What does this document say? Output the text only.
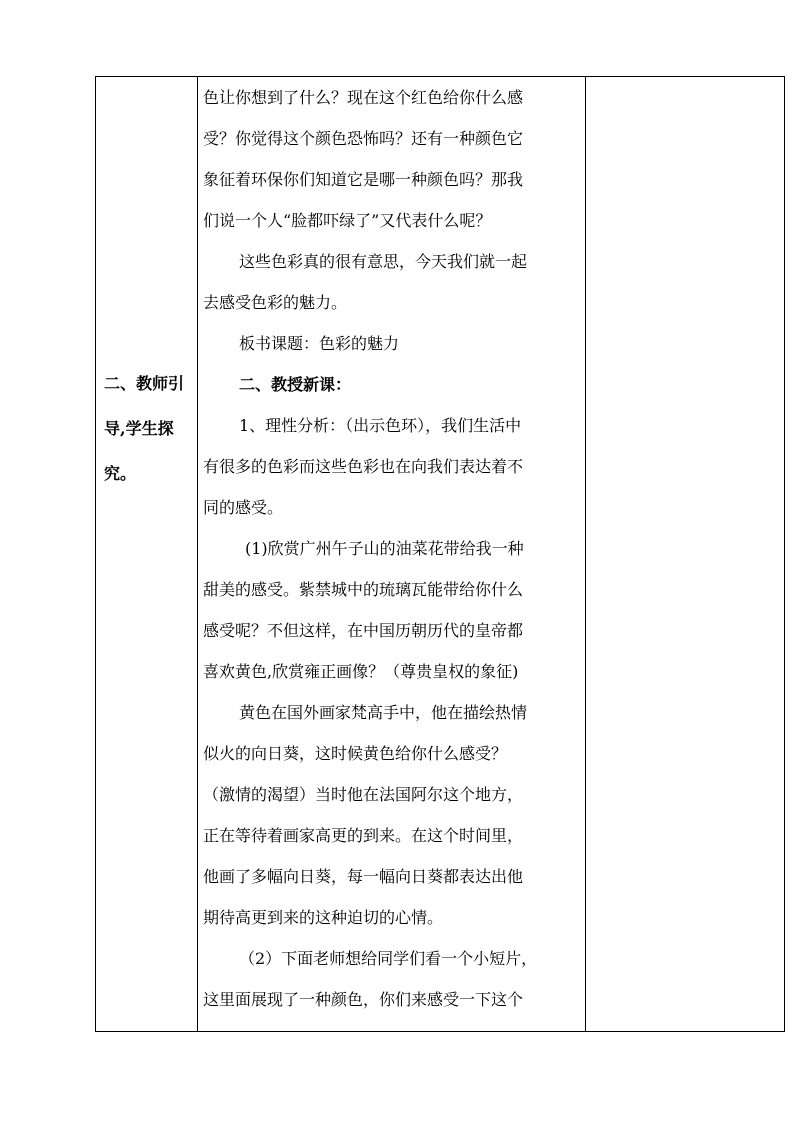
二、教师引
导,学生探
究。
色让你想到了什么？现在这个红色给你什么感
受？你觉得这个颜色恐怖吗？还有一种颜色它
象征着环保你们知道它是哪一种颜色吗？那我
们说一个人“脸都吓绿了”又代表什么呢？
这些色彩真的很有意思，今天我们就一起
去感受色彩的魅力。
板书课题：色彩的魅力
二、教授新课：
1、理性分析：（出示色环），我们生活中
有很多的色彩而这些色彩也在向我们表达着不
同的感受。
(1)欣赏广州午子山的油菜花带给我一种
甜美的感受。紫禁城中的琉璃瓦能带给你什么
感受呢？不但这样，在中国历朝历代的皇帝都
喜欢黄色,欣赏雍正画像？（尊贵皇权的象征)
黄色在国外画家梵高手中，他在描绘热情
似火的向日葵，这时候黄色给你什么感受？
（激情的渴望）当时他在法国阿尔这个地方，
正在等待着画家高更的到来。在这个时间里，
他画了多幅向日葵，每一幅向日葵都表达出他
期待高更到来的这种迫切的心情。
（2）下面老师想给同学们看一个小短片，
这里面展现了一种颜色，你们来感受一下这个
